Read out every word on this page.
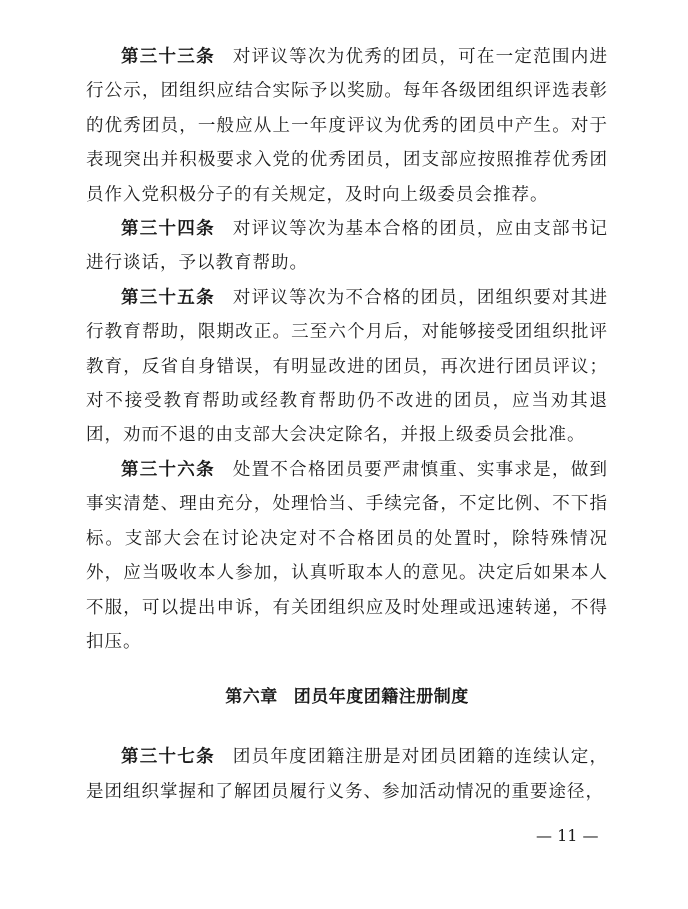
第三十三条 对评议等次为优秀的团员，可在一定范围内进行公示，团组织应结合实际予以奖励。每年各级团组织评选表彰的优秀团员，一般应从上一年度评议为优秀的团员中产生。对于表现突出并积极要求入党的优秀团员，团支部应按照推荐优秀团员作入党积极分子的有关规定，及时向上级委员会推荐。

第三十四条 对评议等次为基本合格的团员，应由支部书记进行谈话，予以教育帮助。

第三十五条 对评议等次为不合格的团员，团组织要对其进行教育帮助，限期改正。三至六个月后，对能够接受团组织批评教育，反省自身错误，有明显改进的团员，再次进行团员评议；对不接受教育帮助或经教育帮助仍不改进的团员，应当劝其退团，劝而不退的由支部大会决定除名，并报上级委员会批准。

第三十六条 处置不合格团员要严肃慎重、实事求是，做到事实清楚、理由充分，处理恰当、手续完备，不定比例、不下指标。支部大会在讨论决定对不合格团员的处置时，除特殊情况外，应当吸收本人参加，认真听取本人的意见。决定后如果本人不服，可以提出申诉，有关团组织应及时处理或迅速转递，不得扣压。

第六章 团员年度团籍注册制度

第三十七条 团员年度团籍注册是对团员团籍的连续认定，是团组织掌握和了解团员履行义务、参加活动情况的重要途径，

— 11 —
